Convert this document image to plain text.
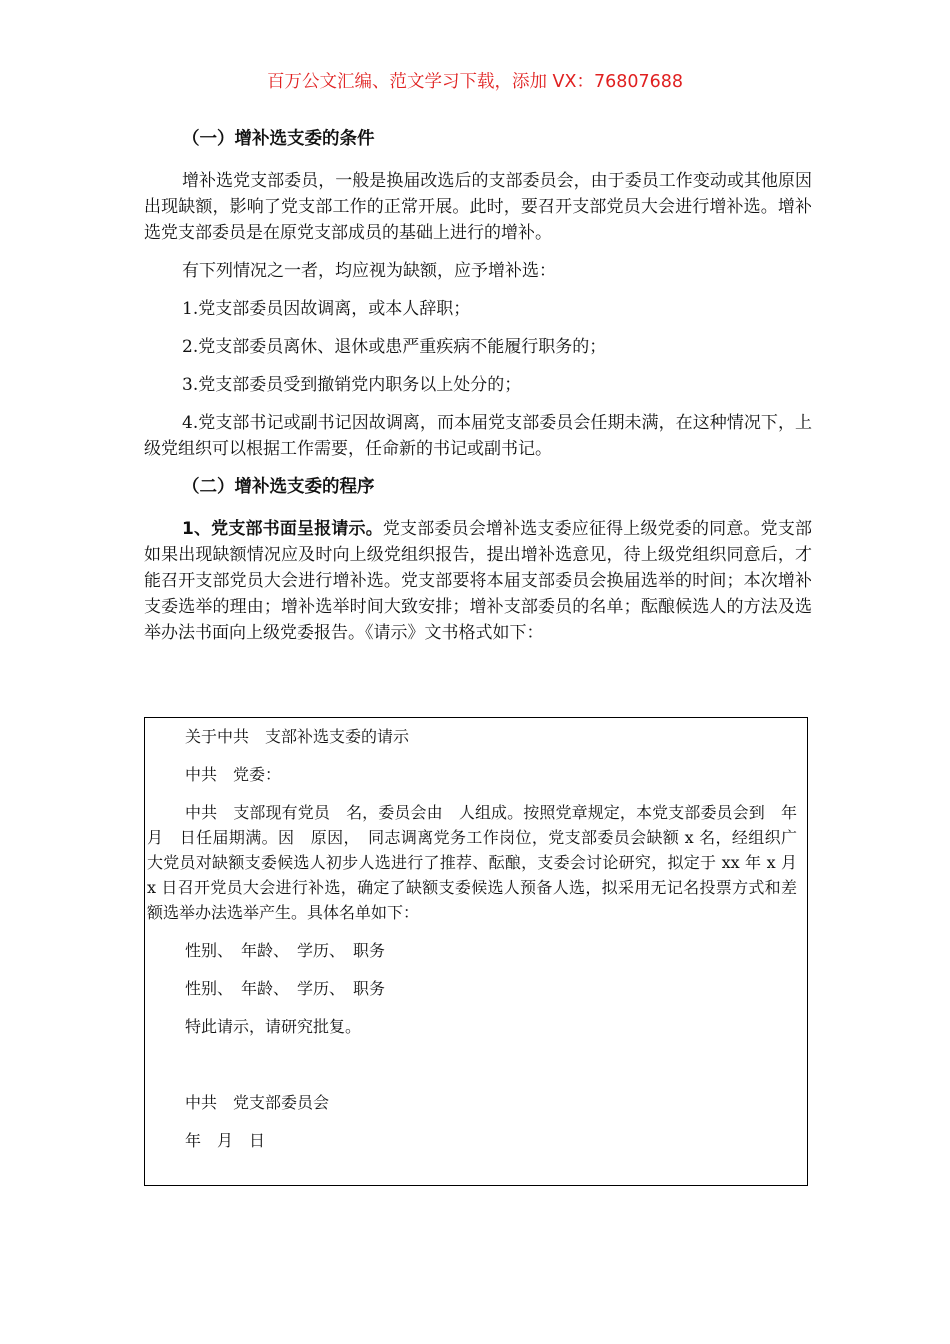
百万公文汇编、范文学习下载，添加 VX：76807688
（一）增补选支委的条件

增补选党支部委员，一般是换届改选后的支部委员会，由于委员工作变动或其他原因出现缺额，影响了党支部工作的正常开展。此时，要召开支部党员大会进行增补选。增补选党支部委员是在原党支部成员的基础上进行的增补。

有下列情况之一者，均应视为缺额，应予增补选：

1.党支部委员因故调离，或本人辞职；

2.党支部委员离休、退休或患严重疾病不能履行职务的；

3.党支部委员受到撤销党内职务以上处分的；

4.党支部书记或副书记因故调离，而本届党支部委员会任期未满，在这种情况下，上级党组织可以根据工作需要，任命新的书记或副书记。

（二）增补选支委的程序

1、党支部书面呈报请示。党支部委员会增补选支委应征得上级党委的同意。党支部如果出现缺额情况应及时向上级党组织报告，提出增补选意见，待上级党组织同意后，才能召开支部党员大会进行增补选。党支部要将本届支部委员会换届选举的时间；本次增补支委选举的理由；增补选举时间大致安排；增补支部委员的名单；酝酿候选人的方法及选举办法书面向上级党委报告。《请示》文书格式如下：

关于中共　支部补选支委的请示
中共　党委：
中共　支部现有党员　名，委员会由　人组成。按照党章规定，本党支部委员会到　年　月　日任届期满。因　原因，　同志调离党务工作岗位，党支部委员会缺额 x 名，经组织广大党员对缺额支委候选人初步人选进行了推荐、酝酿，支委会讨论研究，拟定于 xx 年 x 月 x 日召开党员大会进行补选，确定了缺额支委候选人预备人选，拟采用无记名投票方式和差额选举办法选举产生。具体名单如下：
性别、　年龄、　学历、　职务
性别、　年龄、　学历、　职务
特此请示，请研究批复。
中共　党支部委员会
年　月　日
